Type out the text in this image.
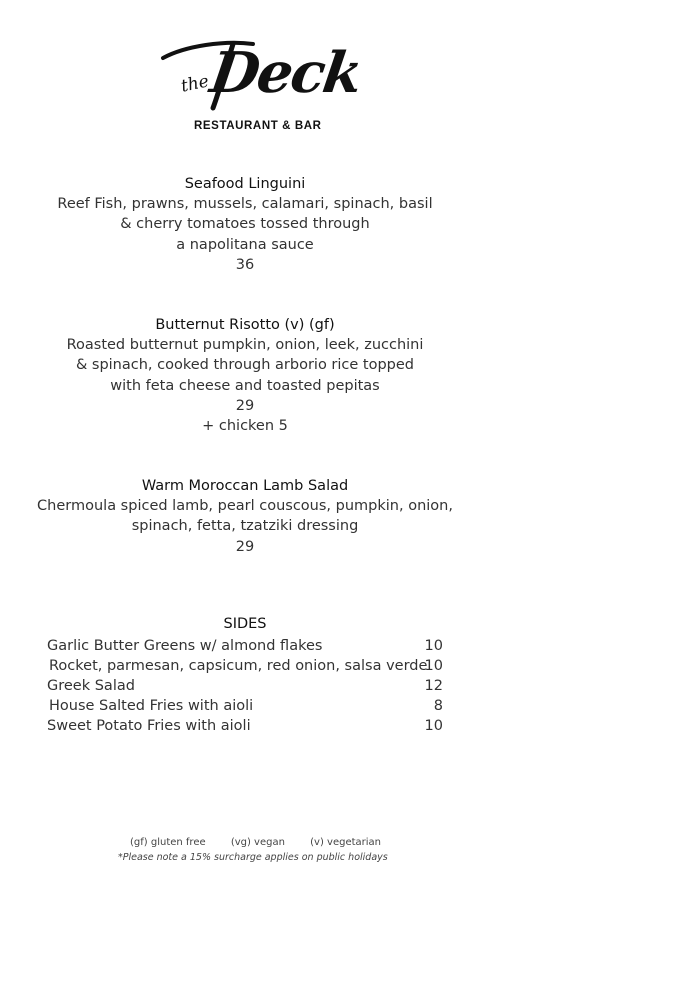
the
Deck
RESTAURANT & BAR
Seafood Linguini
Reef Fish, prawns, mussels, calamari, spinach, basil
& cherry tomatoes tossed through
a napolitana sauce
36
Butternut Risotto (v) (gf)
Roasted butternut pumpkin, onion, leek, zucchini
& spinach, cooked through arborio rice topped
with feta cheese and toasted pepitas
29
+ chicken 5
Warm Moroccan Lamb Salad
Chermoula spiced lamb, pearl couscous, pumpkin, onion,
spinach, fetta, tzatziki dressing
29
SIDES
Garlic Butter Greens w/ almond flakes	10
Rocket, parmesan, capsicum, red onion, salsa verde
10
Greek Salad	12
House Salted Fries with aioli	8
Sweet Potato Fries with aioli	10
(gf) gluten free	(vg) vegan	(v) vegetarian
*Please note a 15% surcharge applies on public holidays
